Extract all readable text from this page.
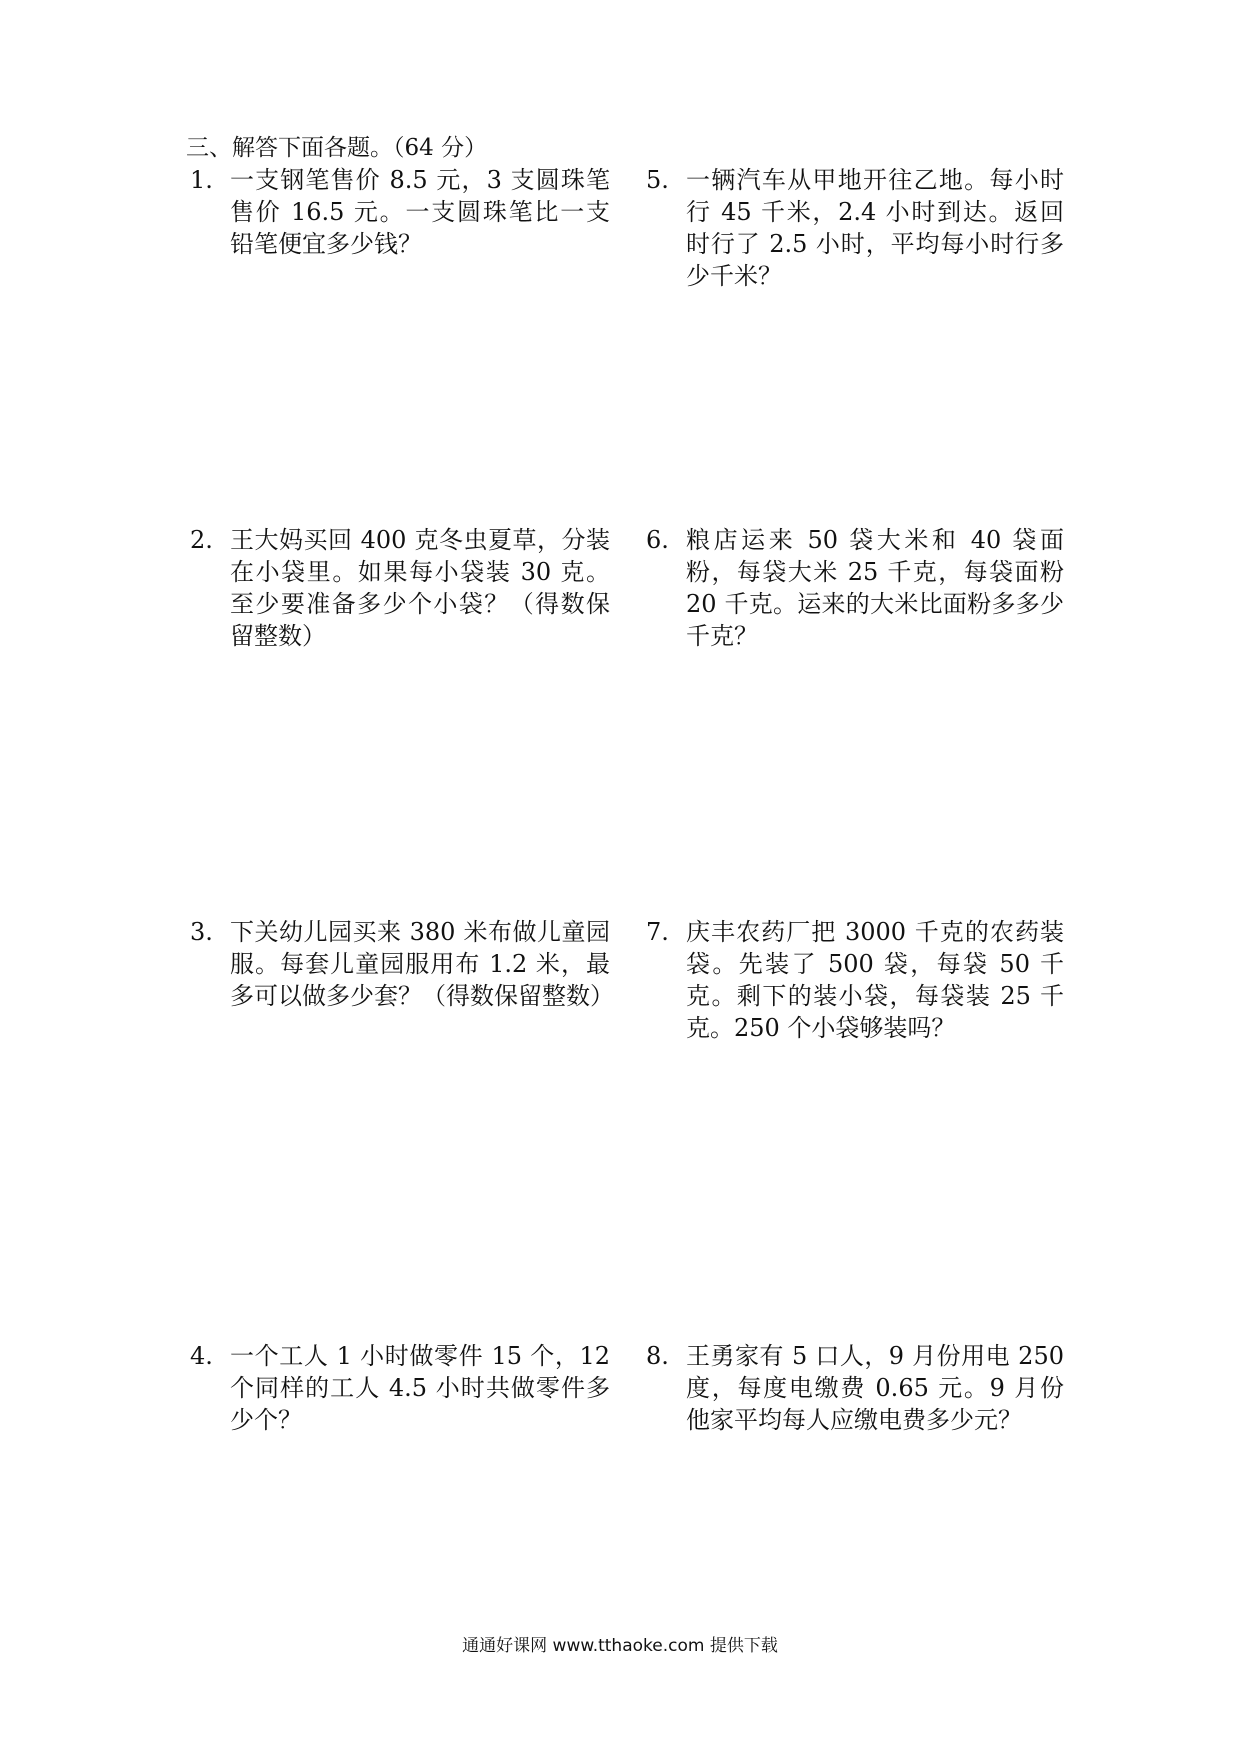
三、解答下面各题。（64 分）
1. 一支钢笔售价 8.5 元，3 支圆珠笔售价 16.5 元。一支圆珠笔比一支铅笔便宜多少钱？
2. 王大妈买回 400 克冬虫夏草，分装在小袋里。如果每小袋装 30 克。至少要准备多少个小袋？（得数保留整数）
3. 下关幼儿园买来 380 米布做儿童园服。每套儿童园服用布 1.2 米，最多可以做多少套？（得数保留整数）
4. 一个工人 1 小时做零件 15 个，12 个同样的工人 4.5 小时共做零件多少个？
5. 一辆汽车从甲地开往乙地。每小时行 45 千米，2.4 小时到达。返回时行了 2.5 小时，平均每小时行多少千米？
6. 粮店运来 50 袋大米和 40 袋面粉，每袋大米 25 千克，每袋面粉 20 千克。运来的大米比面粉多多少千克？
7. 庆丰农药厂把 3000 千克的农药装袋。先装了 500 袋，每袋 50 千克。剩下的装小袋，每袋装 25 千克。250 个小袋够装吗？
8. 王勇家有 5 口人，9 月份用电 250 度，每度电缴费 0.65 元。9 月份他家平均每人应缴电费多少元？
通通好课网 www.tthaoke.com 提供下载
